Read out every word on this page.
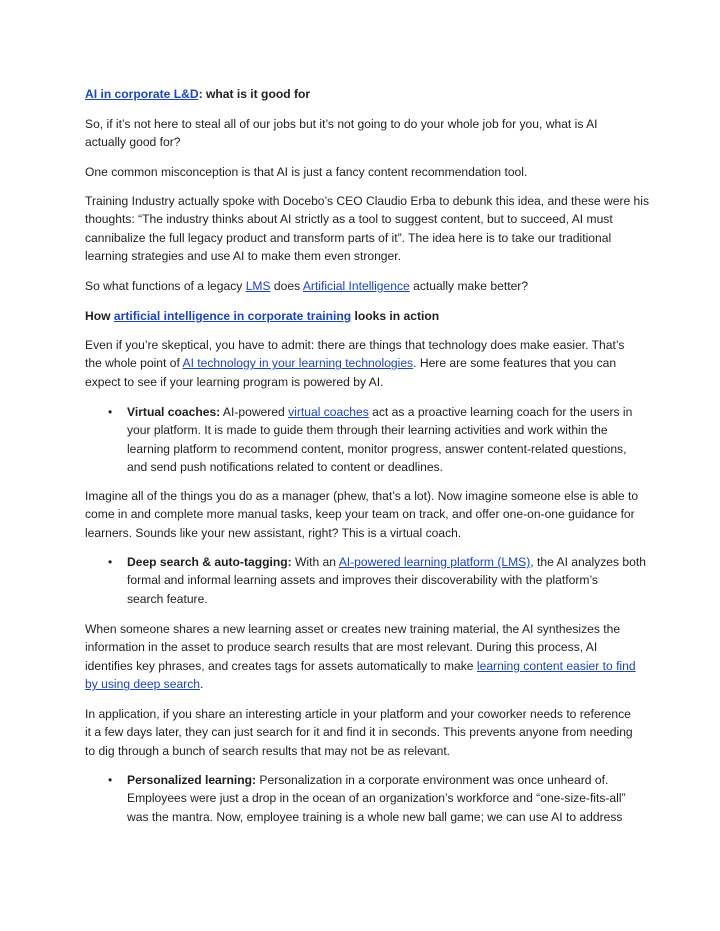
AI in corporate L&D: what is it good for

So, if it’s not here to steal all of our jobs but it’s not going to do your whole job for you, what is AI
actually good for?

One common misconception is that AI is just a fancy content recommendation tool.

Training Industry actually spoke with Docebo’s CEO Claudio Erba to debunk this idea, and these were his
thoughts: “The industry thinks about AI strictly as a tool to suggest content, but to succeed, AI must
cannibalize the full legacy product and transform parts of it”. The idea here is to take our traditional
learning strategies and use AI to make them even stronger.

So what functions of a legacy LMS does Artificial Intelligence actually make better?

How artificial intelligence in corporate training looks in action

Even if you’re skeptical, you have to admit: there are things that technology does make easier. That’s
the whole point of AI technology in your learning technologies. Here are some features that you can
expect to see if your learning program is powered by AI.

•	Virtual coaches: AI-powered virtual coaches act as a proactive learning coach for the users in
your platform. It is made to guide them through their learning activities and work within the
learning platform to recommend content, monitor progress, answer content-related questions,
and send push notifications related to content or deadlines.

Imagine all of the things you do as a manager (phew, that’s a lot). Now imagine someone else is able to
come in and complete more manual tasks, keep your team on track, and offer one-on-one guidance for
learners. Sounds like your new assistant, right? This is a virtual coach.

•	Deep search & auto-tagging: With an AI-powered learning platform (LMS), the AI analyzes both
formal and informal learning assets and improves their discoverability with the platform’s
search feature.

When someone shares a new learning asset or creates new training material, the AI synthesizes the
information in the asset to produce search results that are most relevant. During this process, AI
identifies key phrases, and creates tags for assets automatically to make learning content easier to find
by using deep search.

In application, if you share an interesting article in your platform and your coworker needs to reference
it a few days later, they can just search for it and find it in seconds. This prevents anyone from needing
to dig through a bunch of search results that may not be as relevant.

•	Personalized learning: Personalization in a corporate environment was once unheard of.
Employees were just a drop in the ocean of an organization’s workforce and “one-size-fits-all”
was the mantra. Now, employee training is a whole new ball game; we can use AI to address
